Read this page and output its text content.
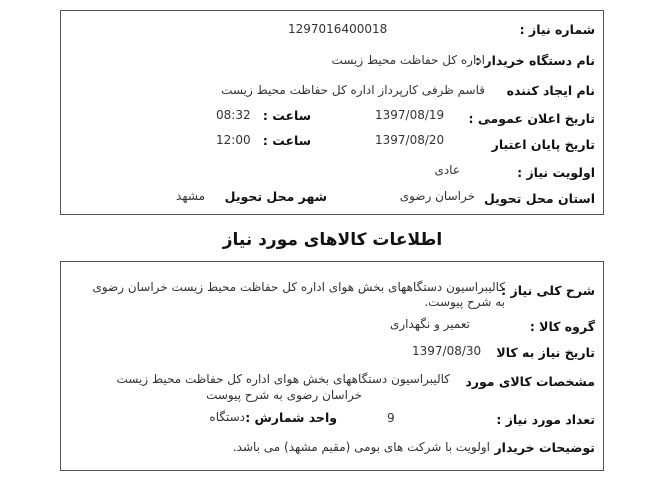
شماره نیاز :
1297016400018
نام دستگاه خریدار :
اداره کل حفاظت محیط زیست
نام ایجاد کننده
قاسم ظرفی کارپرداز اداره کل حفاظت محیط زیست
تاریخ اعلان عمومی :
1397/08/19
ساعت :
08:32
تاریخ پایان اعتبار
1397/08/20
ساعت :
12:00
اولویت نیاز :
عادی
استان محل تحویل
خراسان رضوی
شهر محل تحویل
مشهد
اطلاعات کالاهای مورد نیاز
شرح کلی نیاز :
کالیبراسیون دستگاههای بخش هوای اداره کل حفاظت محیط زیست خراسان رضوی
به شرح پیوست.
گروه کالا :
تعمیر و نگهداری
تاریخ نیاز به کالا
1397/08/30
مشخصات کالای مورد
کالیبراسیون دستگاههای بخش هوای اداره کل حفاظت محیط زیست
خراسان رضوی به شرح پیوست
تعداد مورد نیاز :
9
واحد شمارش :
دستگاه
توضیحات خریدار
اولویت با شرکت های بومی (مقیم مشهد) می باشد.
